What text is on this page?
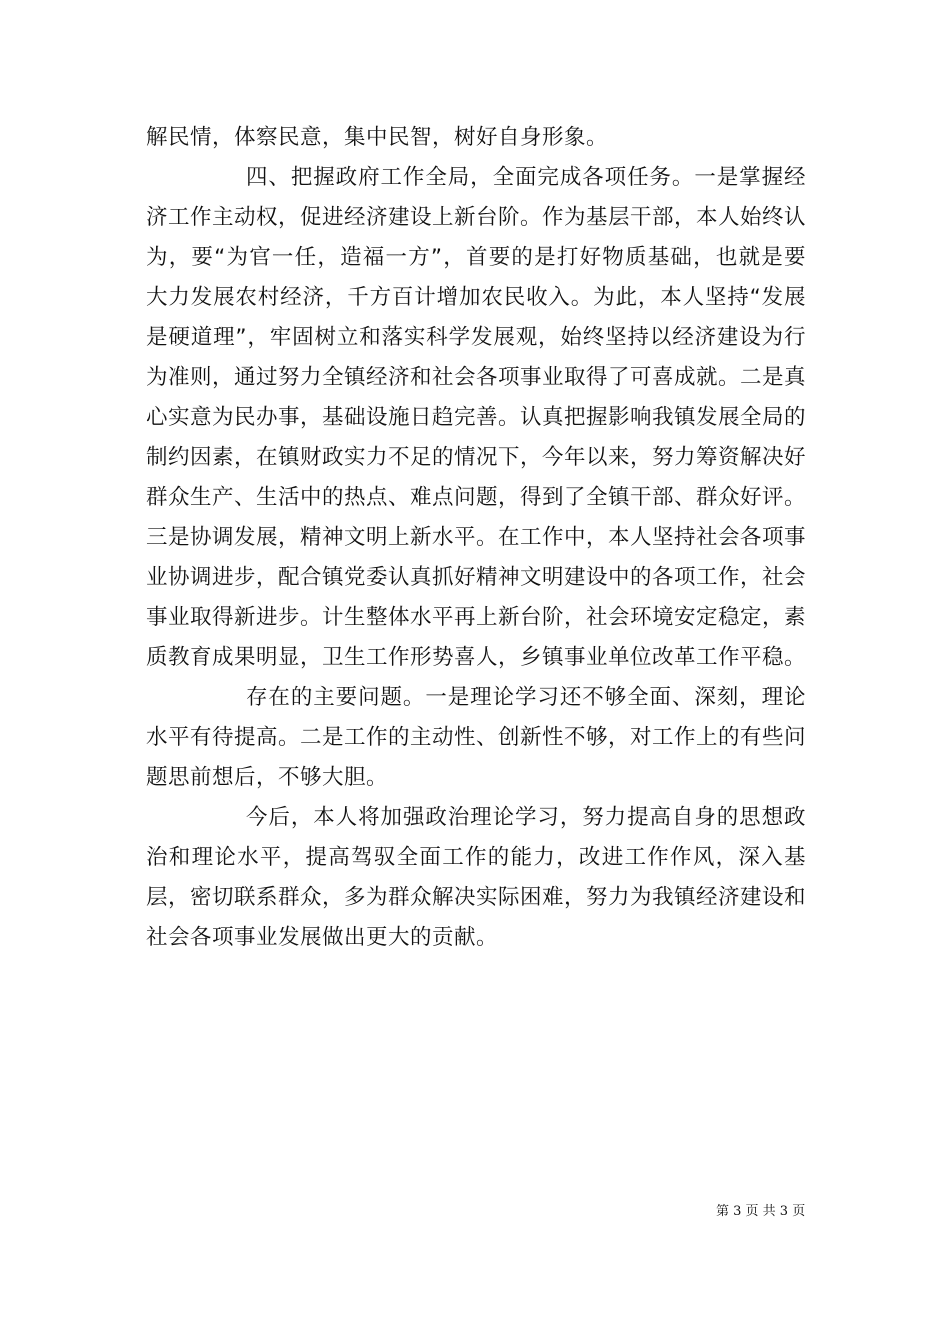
解民情，体察民意，集中民智，树好自身形象。

四、把握政府工作全局，全面完成各项任务。一是掌握经济工作主动权，促进经济建设上新台阶。作为基层干部，本人始终认为，要“为官一任，造福一方”，首要的是打好物质基础，也就是要大力发展农村经济，千方百计增加农民收入。为此，本人坚持“发展是硬道理”，牢固树立和落实科学发展观，始终坚持以经济建设为行为准则，通过努力全镇经济和社会各项事业取得了可喜成就。二是真心实意为民办事，基础设施日趋完善。认真把握影响我镇发展全局的制约因素，在镇财政实力不足的情况下，今年以来，努力筹资解决好群众生产、生活中的热点、难点问题，得到了全镇干部、群众好评。三是协调发展，精神文明上新水平。在工作中，本人坚持社会各项事业协调进步，配合镇党委认真抓好精神文明建设中的各项工作，社会事业取得新进步。计生整体水平再上新台阶，社会环境安定稳定，素质教育成果明显，卫生工作形势喜人，乡镇事业单位改革工作平稳。

存在的主要问题。一是理论学习还不够全面、深刻，理论水平有待提高。二是工作的主动性、创新性不够，对工作上的有些问题思前想后，不够大胆。

今后，本人将加强政治理论学习，努力提高自身的思想政治和理论水平，提高驾驭全面工作的能力，改进工作作风，深入基层，密切联系群众，多为群众解决实际困难，努力为我镇经济建设和社会各项事业发展做出更大的贡献。

第 3 页 共 3 页
